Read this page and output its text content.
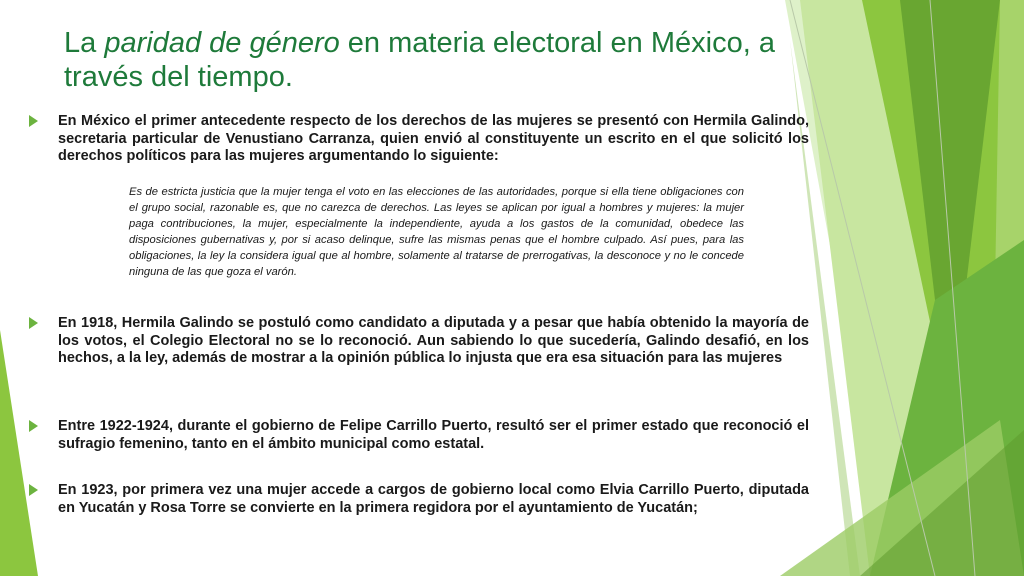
La paridad de género en materia electoral en México, a través del tiempo.
En México el primer antecedente respecto de los derechos de las mujeres se presentó con Hermila Galindo, secretaria particular de Venustiano Carranza, quien envió al constituyente un escrito en el que solicitó los derechos políticos para las mujeres argumentando lo siguiente:
Es de estricta justicia que la mujer tenga el voto en las elecciones de las autoridades, porque si ella tiene obligaciones con el grupo social, razonable es, que no carezca de derechos. Las leyes se aplican por igual a hombres y mujeres: la mujer paga contribuciones, la mujer, especialmente la independiente, ayuda a los gastos de la comunidad, obedece las disposiciones gubernativas y, por si acaso delinque, sufre las mismas penas que el hombre culpado. Así pues, para las obligaciones, la ley la considera igual que al hombre, solamente al tratarse de prerrogativas, la desconoce y no le concede ninguna de las que goza el varón.
En 1918, Hermila Galindo se postuló como candidato a diputada y a pesar que había obtenido la mayoría de los votos, el Colegio Electoral no se lo reconoció. Aun sabiendo lo que sucedería, Galindo desafió, en los hechos, a la ley, además de mostrar a la opinión pública lo injusta que era esa situación para las mujeres
Entre 1922-1924, durante el gobierno de Felipe Carrillo Puerto, resultó ser el primer estado que reconoció el sufragio femenino, tanto en el ámbito municipal como estatal.
En 1923, por primera vez una mujer accede a cargos de gobierno local como Elvia Carrillo Puerto, diputada en Yucatán y Rosa Torre se convierte en la primera regidora por el ayuntamiento de Yucatán;
